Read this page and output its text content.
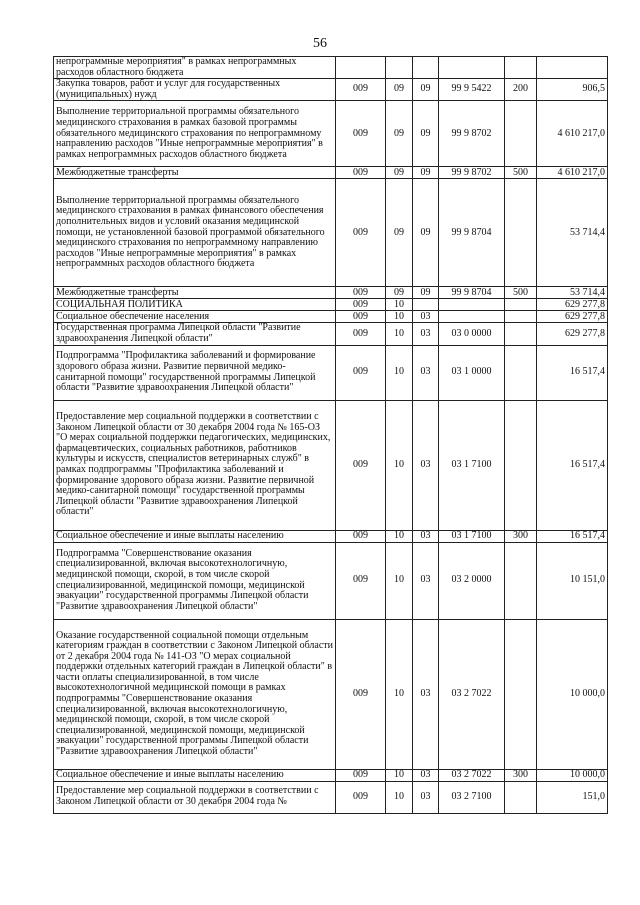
56
непрограммные мероприятия" в рамках непрограммных расходов областного бюджета						
Закупка товаров, работ и услуг для государственных (муниципальных) нужд	009	09	09	99 9 5422	200	906,5
Выполнение территориальной программы обязательного медицинского страхования в рамках базовой программы обязательного медицинского страхования по непрограммному направлению расходов "Иные непрограммные мероприятия" в рамках непрограммных расходов областного бюджета	009	09	09	99 9 8702		4 610 217,0
Межбюджетные трансферты	009	09	09	99 9 8702	500	4 610 217,0
Выполнение территориальной программы обязательного медицинского страхования в рамках финансового обеспечения дополнительных видов и условий оказания медицинской помощи, не установленной базовой программой обязательного медицинского страхования по непрограммному направлению расходов "Иные непрограммные мероприятия" в рамках непрограммных расходов областного бюджета	009	09	09	99 9 8704		53 714,4
Межбюджетные трансферты	009	09	09	99 9 8704	500	53 714,4
СОЦИАЛЬНАЯ ПОЛИТИКА	009	10				629 277,8
Социальное обеспечение населения	009	10	03			629 277,8
Государственная программа Липецкой области "Развитие здравоохранения Липецкой области"	009	10	03	03 0 0000		629 277,8
Подпрограмма "Профилактика заболеваний и формирование здорового образа жизни. Развитие первичной медико-санитарной помощи" государственной программы Липецкой области "Развитие здравоохранения Липецкой области"	009	10	03	03 1 0000		16 517,4
Предоставление мер социальной поддержки в соответствии с Законом Липецкой области от 30 декабря 2004 года № 165-ОЗ "О мерах социальной поддержки педагогических, медицинских, фармацевтических, социальных работников, работников культуры и искусств, специалистов ветеринарных служб" в рамках подпрограммы "Профилактика заболеваний и формирование здорового образа жизни. Развитие первичной медико-санитарной помощи" государственной программы Липецкой области "Развитие здравоохранения Липецкой области"	009	10	03	03 1 7100		16 517,4
Социальное обеспечение и иные выплаты населению	009	10	03	03 1 7100	300	16 517,4
Подпрограмма "Совершенствование оказания специализированной, включая высокотехнологичную, медицинской помощи, скорой, в том числе скорой специализированной, медицинской помощи, медицинской эвакуации" государственной программы Липецкой области "Развитие здравоохранения Липецкой области"	009	10	03	03 2 0000		10 151,0
Оказание государственной социальной помощи отдельным категориям граждан в соответствии с Законом Липецкой области от 2 декабря 2004 года № 141-ОЗ "О мерах социальной поддержки отдельных категорий граждан в Липецкой области" в части оплаты специализированной, в том числе высокотехнологичной медицинской помощи в рамках подпрограммы "Совершенствование оказания специализированной, включая высокотехнологичную, медицинской помощи, скорой, в том числе скорой специализированной, медицинской помощи, медицинской эвакуации" государственной программы Липецкой области "Развитие здравоохранения Липецкой области"	009	10	03	03 2 7022		10 000,0
Социальное обеспечение и иные выплаты населению	009	10	03	03 2 7022	300	10 000,0
Предоставление мер социальной поддержки в соответствии с Законом Липецкой области от 30 декабря 2004 года №	009	10	03	03 2 7100		151,0
